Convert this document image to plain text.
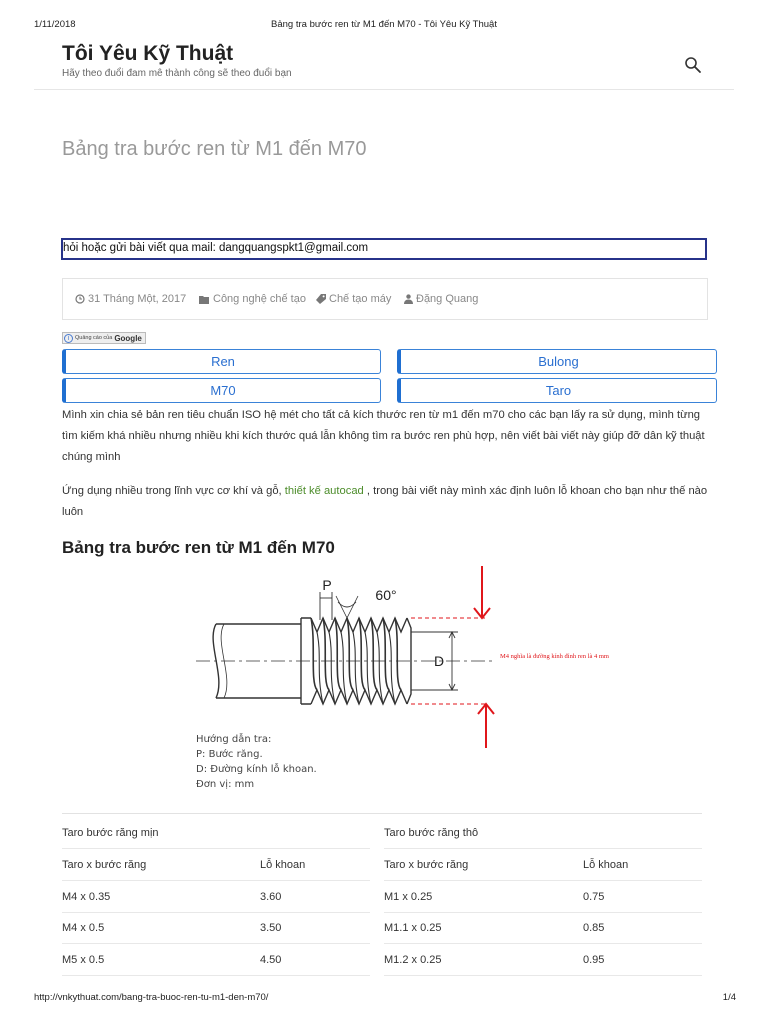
1/11/2018	Bảng tra bước ren từ M1 đến M70 - Tôi Yêu Kỹ Thuật
Tôi Yêu Kỹ Thuật
Hãy theo đuổi đam mê thành công sẽ theo đuổi bạn
Bảng tra bước ren từ M1 đến M70
hỏi hoặc gửi bài viết qua mail: dangquangspkt1@gmail.com
31 Tháng Một, 2017 Công nghệ chế tạo Chế tạo máy Đặng Quang
i	Quảng cáo của Google
Ren	Bulong
M70	Taro

Mình xin chia sẻ bản ren tiêu chuẩn ISO hệ mét cho tất cả kích thước ren từ m1 đến m70 cho các bạn lấy ra sử dụng, mình từng tìm kiếm khá nhiều nhưng nhiều khi kích thước quá lẫn không tìm ra bước ren phù hợp, nên viết bài viết này giúp đỡ dân kỹ thuật chúng mình

Ứng dụng nhiều trong lĩnh vực cơ khí và gỗ, thiết kế autocad , trong bài viết này mình xác định luôn lỗ khoan cho bạn như thế nào luôn

Bảng tra bước ren từ M1 đến M70
P
60°
D	M4 nghĩa là đường kính đỉnh ren là 4 mm
Hướng dẫn tra:
P: Bước răng.
D: Đường kính lỗ khoan.
Đơn vị: mm
Taro bước răng mịn	Taro bước răng thô
Taro x bước răng	Lỗ khoan	Taro x bước răng	Lỗ khoan
M4 x 0.35	3.60	M1 x 0.25	0.75
M4 x 0.5	3.50	M1.1 x 0.25	0.85
M5 x 0.5	4.50	M1.2 x 0.25	0.95
http://vnkythuat.com/bang-tra-buoc-ren-tu-m1-den-m70/	1/4
